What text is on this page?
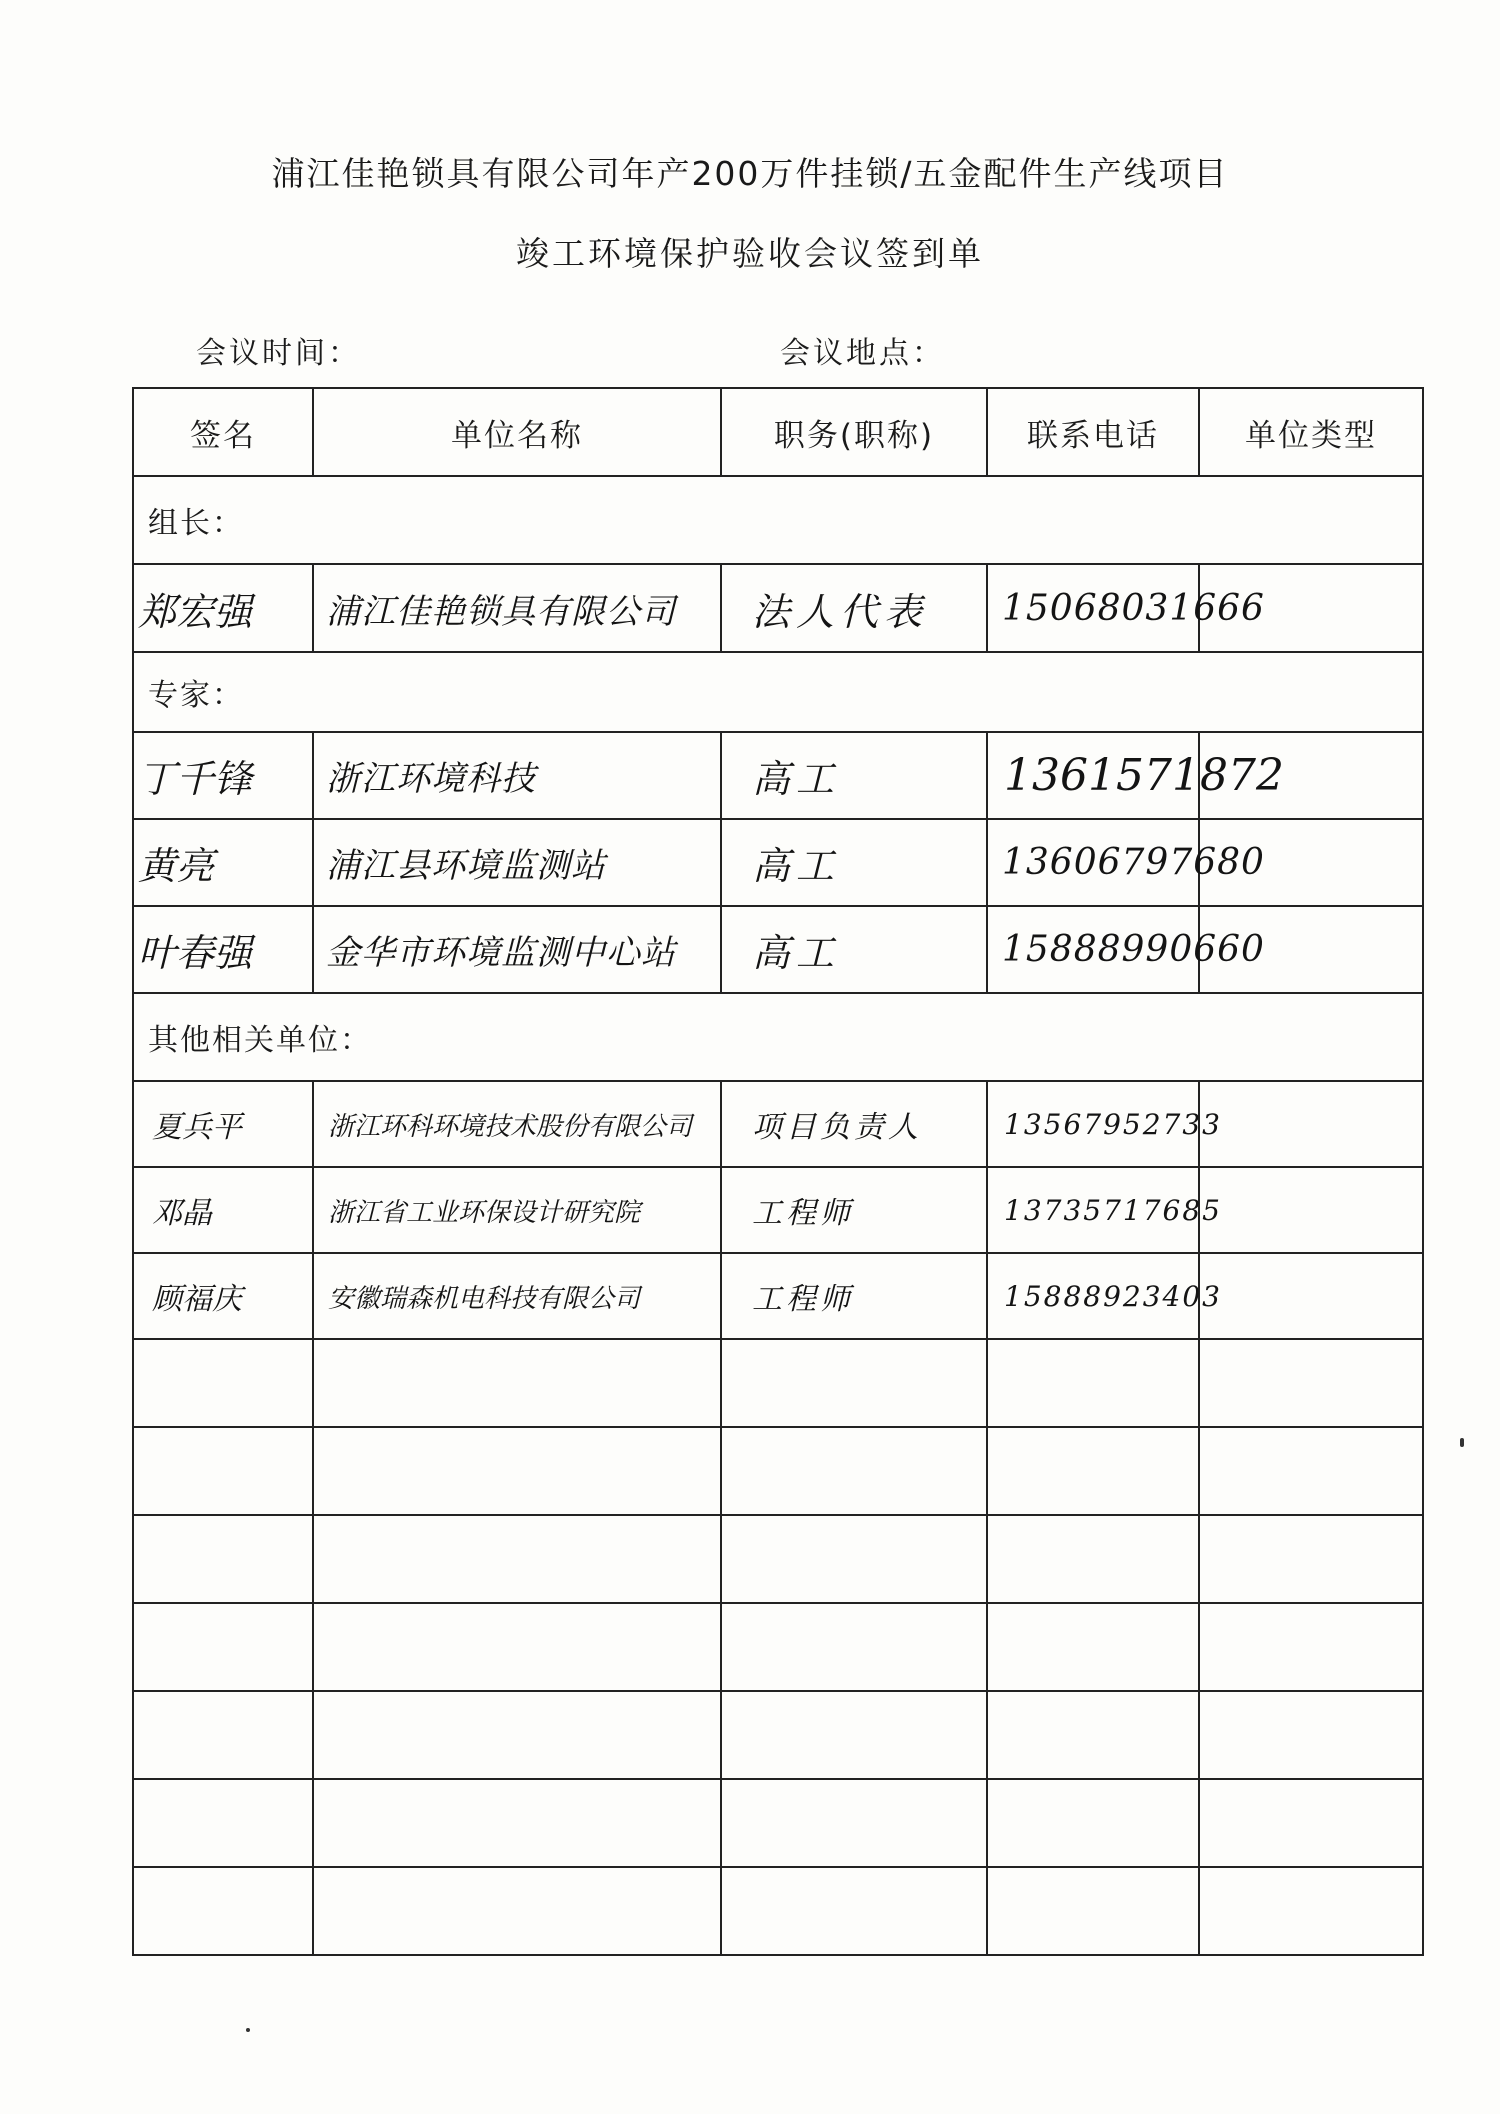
浦江佳艳锁具有限公司年产200万件挂锁/五金配件生产线项目
竣工环境保护验收会议签到单
会议时间：	会议地点：
签名	单位名称	职务(职称)	联系电话	单位类型
组长：				

郑宏强	浦江佳艳锁具有限公司	法人代表	15068031666	

专家：				

丁千锋	浙江环境科技	高工	1361571872	

黄亮	浦江县环境监测站	高工	13606797680	

叶春强	金华市环境监测中心站	高工	15888990660	

其他相关单位：				

夏兵平	浙江环科环境技术股份有限公司	项目负责人	13567952733	

邓晶	浙江省工业环保设计研究院	工程师	13735717685	

顾福庆	安徽瑞森机电科技有限公司	工程师	15888923403	
